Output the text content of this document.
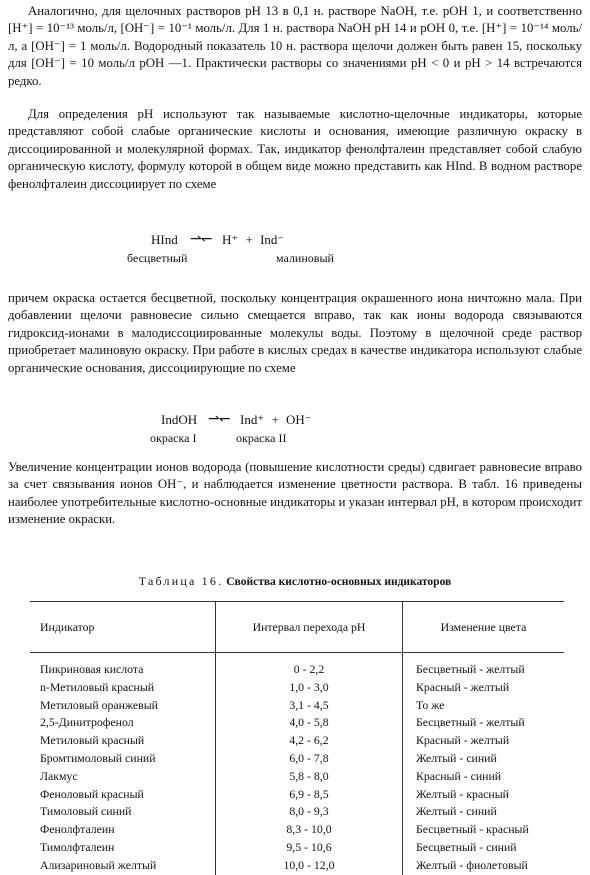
Аналогично, для щелочных растворов pH 13 в 0,1 н. растворе NaOH, т.е. pOH 1, и соответственно [H⁺] = 10⁻¹³ моль/л, [OH⁻] = 10⁻¹ моль/л. Для 1 н. раствора NaOH pH 14 и pOH 0, т.е. [H⁺] = 10⁻¹⁴ моль/л, а [OH⁻] = 1 моль/л. Водородный показатель 10 н. раствора щелочи должен быть равен 15, поскольку для [OH⁻] = 10 моль/л pOH —1. Практически растворы со значениями pH < 0 и pH > 14 встречаются редко.

Для определения pH используют так называемые кислотно-щелочные индикаторы, которые представляют собой слабые органические кислоты и основания, имеющие различную окраску в диссоциированной и молекулярной формах. Так, индикатор фенолфталеин представляет собой слабую органическую кислоту, формулу которой в общем виде можно представить как HInd. В водном растворе фенолфталеин диссоциирует по схеме

HInd ⇀↽ H⁺ + Ind⁻
бесцветный	малиновый

причем окраска остается бесцветной, поскольку концентрация окрашенного иона ничтожно мала. При добавлении щелочи равновесие сильно смещается вправо, так как ионы водорода связываются гидроксид-ионами в малодиссоциированные молекулы воды. Поэтому в щелочной среде раствор приобретает малиновую окраску. При работе в кислых средах в качестве индикатора используют слабые органические основания, диссоциирующие по схеме

IndOH ⇀↽ Ind⁺ + OH⁻
окраска I	окраска II

Увеличение концентрации ионов водорода (повышение кислотности среды) сдвигает равновесие вправо за счет связывания ионов OH⁻, и наблюдается изменение цветности раствора. В табл. 16 приведены наиболее употребительные кислотно-основные индикаторы и указан интервал pH, в котором происходит изменение окраски.

Таблица 16. Свойства кислотно-основных индикаторов
Индикатор	Интервал перехода pH	Изменение цвета
Пикриновая кислота	0 - 2,2	Бесцветный - желтый
n-Метиловый красный	1,0 - 3,0	Красный - желтый
Метиловый оранжевый	3,1 - 4,5	То же
2,5-Динитрофенол	4,0 - 5,8	Бесцветный - желтый
Метиловый красный	4,2 - 6,2	Красный - желтый
Бромтимоловый синий	6,0 - 7,8	Желтый - синий
Лакмус	5,8 - 8,0	Красный - синий
Феноловый красный	6,9 - 8,5	Желтый - красный
Тимоловый синий	8,0 - 9,3	Желтый - синий
Фенолфталеин	8,3 - 10,0	Бесцветный - красный
Тимолфталеин	9,5 - 10,6	Бесцветный - синий
Ализариновый желтый	10,0 - 12,0	Желтый - фиолетовый
